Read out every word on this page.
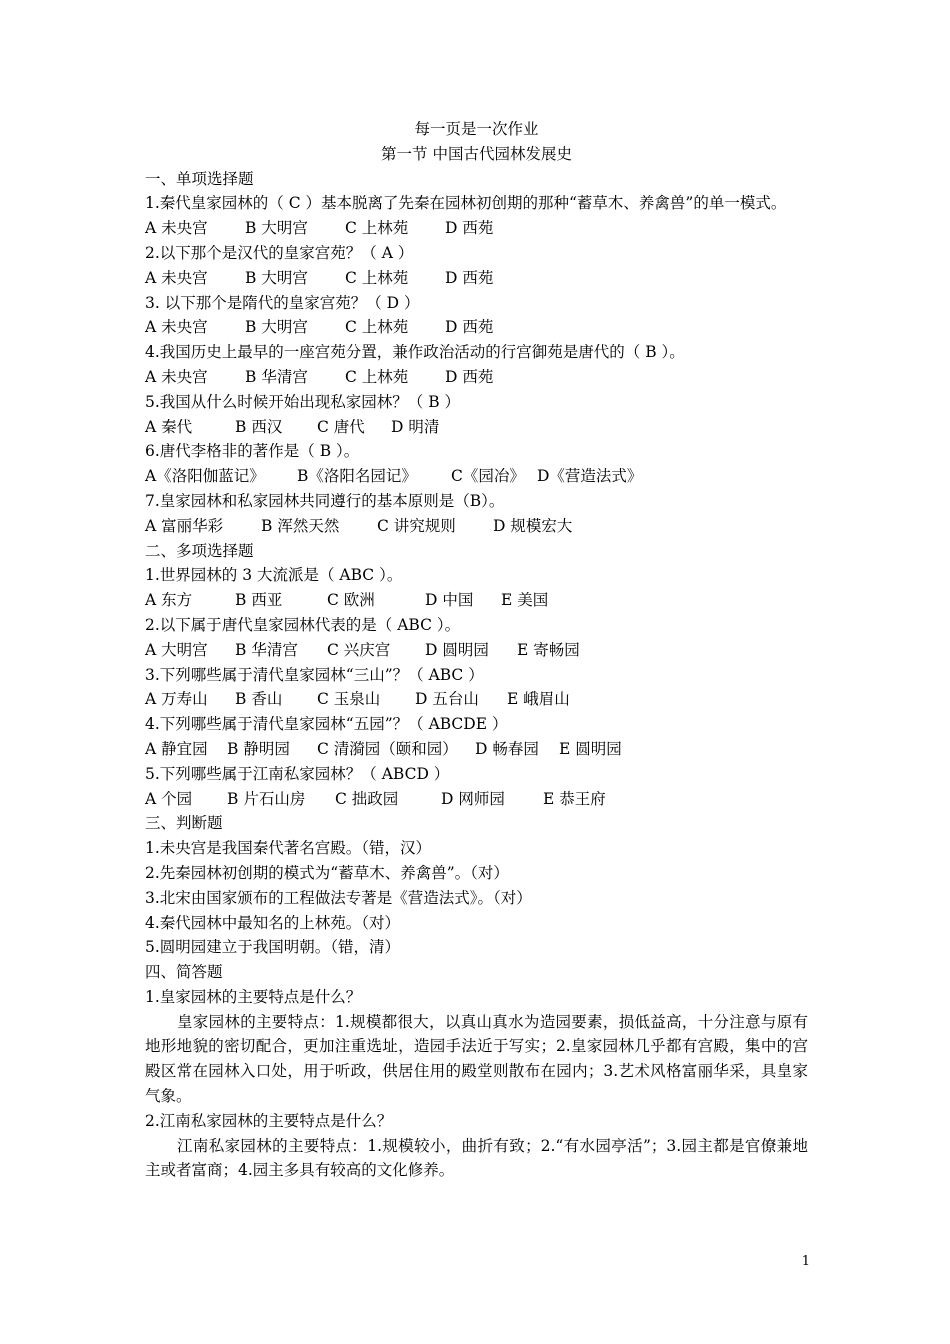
每一页是一次作业
第一节 中国古代园林发展史
一、单项选择题
1.秦代皇家园林的（ C ）基本脱离了先秦在园林初创期的那种“蓄草木、养禽兽”的单一模式。
A 未央宫 B 大明宫 C 上林苑 D 西苑
2.以下那个是汉代的皇家宫苑？（ A ）
A 未央宫 B 大明宫 C 上林苑 D 西苑
3. 以下那个是隋代的皇家宫苑？（ D ）
A 未央宫 B 大明宫 C 上林苑 D 西苑
4.我国历史上最早的一座宫苑分置，兼作政治活动的行宫御苑是唐代的（ B ）。
A 未央宫 B 华清宫 C 上林苑 D 西苑
5.我国从什么时候开始出现私家园林？（ B ）
A 秦代	B 西汉 C 唐代 D 明清
6.唐代李格非的著作是（ B ）。
A《洛阳伽蓝记》 B《洛阳名园记》 C《园冶》 D《营造法式》
7.皇家园林和私家园林共同遵行的基本原则是（B）。
A 富丽华彩 B 浑然天然 C 讲究规则 D 规模宏大
二、多项选择题
1.世界园林的 3 大流派是（ ABC ）。
A 东方	B 西亚	C 欧洲	D 中国 E 美国
2.以下属于唐代皇家园林代表的是（ ABC ）。
A 大明宫 B 华清宫 C 兴庆宫 D 圆明园 E 寄畅园
3.下列哪些属于清代皇家园林“三山”？（ ABC ）
A 万寿山 B 香山 C 玉泉山 D 五台山 E 峨眉山
4.下列哪些属于清代皇家园林“五园”？（ ABCDE ）
A 静宜园 B 静明园 C 清漪园（颐和园） D 畅春园 E 圆明园
5.下列哪些属于江南私家园林？（ ABCD ）
A 个园 B 片石山房 C 拙政园	D 网师园 E 恭王府
三、判断题
1.未央宫是我国秦代著名宫殿。（错，汉）
2.先秦园林初创期的模式为“蓄草木、养禽兽”。（对）
3.北宋由国家颁布的工程做法专著是《营造法式》。（对）
4.秦代园林中最知名的上林苑。（对）
5.圆明园建立于我国明朝。（错，清）
四、简答题
1.皇家园林的主要特点是什么？
皇家园林的主要特点：1.规模都很大，以真山真水为造园要素，损低益高，十分注意与原有地形地貌的密切配合，更加注重选址，造园手法近于写实；2.皇家园林几乎都有宫殿，集中的宫殿区常在园林入口处，用于听政，供居住用的殿堂则散布在园内；3.艺术风格富丽华采，具皇家气象。
2.江南私家园林的主要特点是什么？
江南私家园林的主要特点：1.规模较小，曲折有致；2.“有水园亭活”；3.园主都是官僚兼地主或者富商；4.园主多具有较高的文化修养。
1
